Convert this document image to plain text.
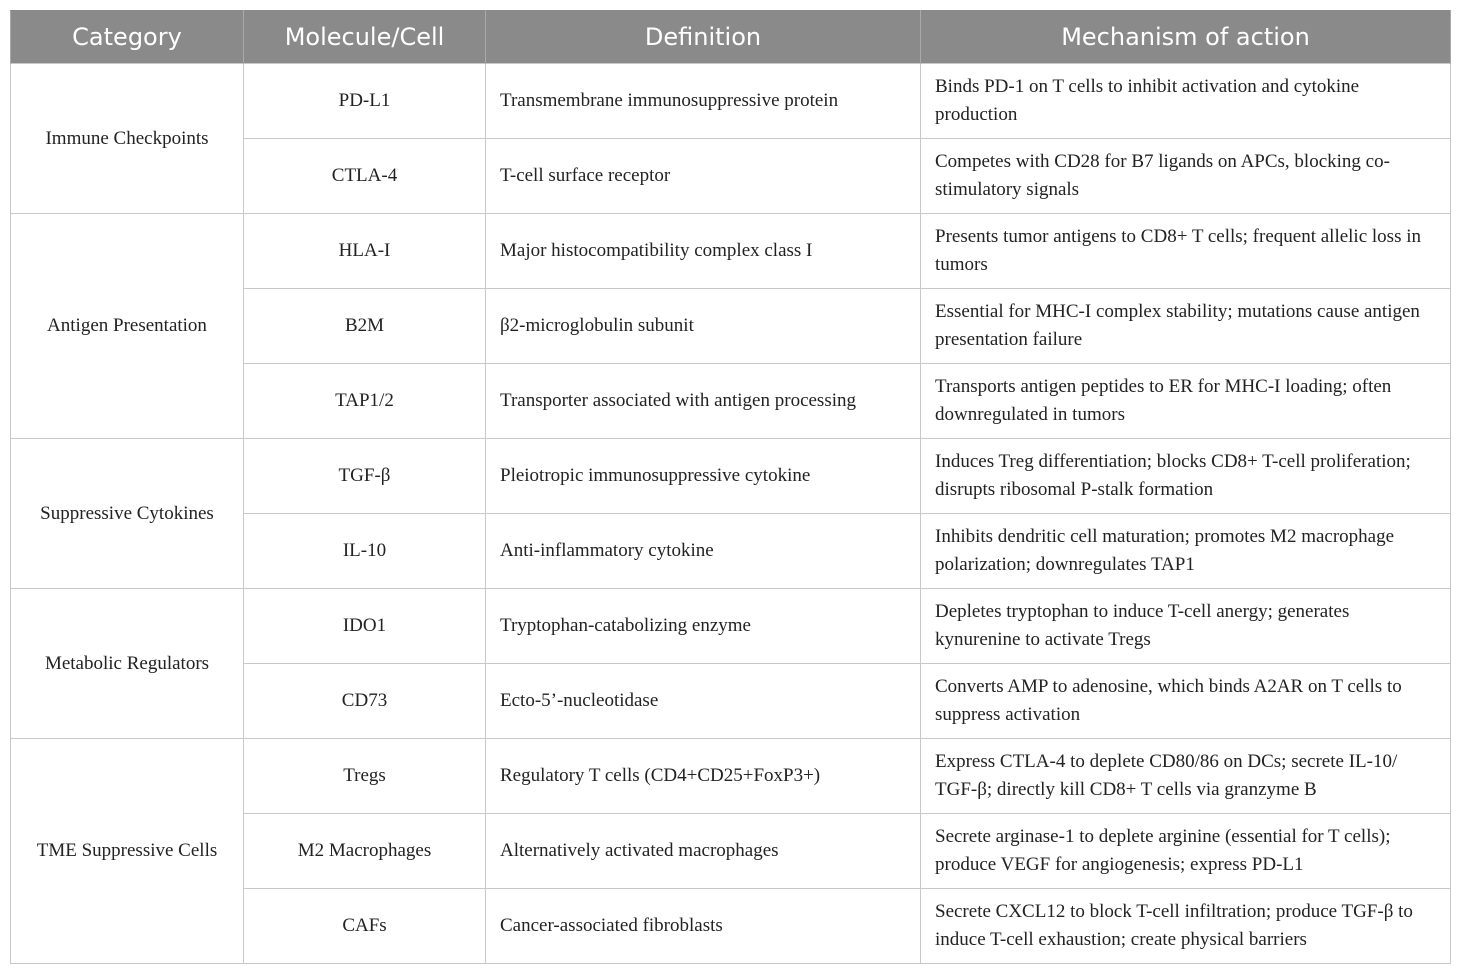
Category	Molecule/Cell	Definition	Mechanism of action
Immune Checkpoints	PD-L1	Transmembrane immunosuppressive protein	Binds PD-1 on T cells to inhibit activation and cytokine production
	CTLA-4	T-cell surface receptor	Competes with CD28 for B7 ligands on APCs, blocking co-stimulatory signals
Antigen Presentation	HLA-I	Major histocompatibility complex class I	Presents tumor antigens to CD8+ T cells; frequent allelic loss in tumors
	B2M	β2-microglobulin subunit	Essential for MHC-I complex stability; mutations cause antigen presentation failure
	TAP1/2	Transporter associated with antigen processing	Transports antigen peptides to ER for MHC-I loading; often downregulated in tumors
Suppressive Cytokines	TGF-β	Pleiotropic immunosuppressive cytokine	Induces Treg differentiation; blocks CD8+ T-cell proliferation; disrupts ribosomal P-stalk formation
	IL-10	Anti-inflammatory cytokine	Inhibits dendritic cell maturation; promotes M2 macrophage polarization; downregulates TAP1
Metabolic Regulators	IDO1	Tryptophan-catabolizing enzyme	Depletes tryptophan to induce T-cell anergy; generates kynurenine to activate Tregs
	CD73	Ecto-5’-nucleotidase	Converts AMP to adenosine, which binds A2AR on T cells to suppress activation
TME Suppressive Cells	Tregs	Regulatory T cells (CD4+CD25+FoxP3+)	Express CTLA-4 to deplete CD80/86 on DCs; secrete IL-10/ TGF-β; directly kill CD8+ T cells via granzyme B
	M2 Macrophages	Alternatively activated macrophages	Secrete arginase-1 to deplete arginine (essential for T cells); produce VEGF for angiogenesis; express PD-L1
	CAFs	Cancer-associated fibroblasts	Secrete CXCL12 to block T-cell infiltration; produce TGF-β to induce T-cell exhaustion; create physical barriers
